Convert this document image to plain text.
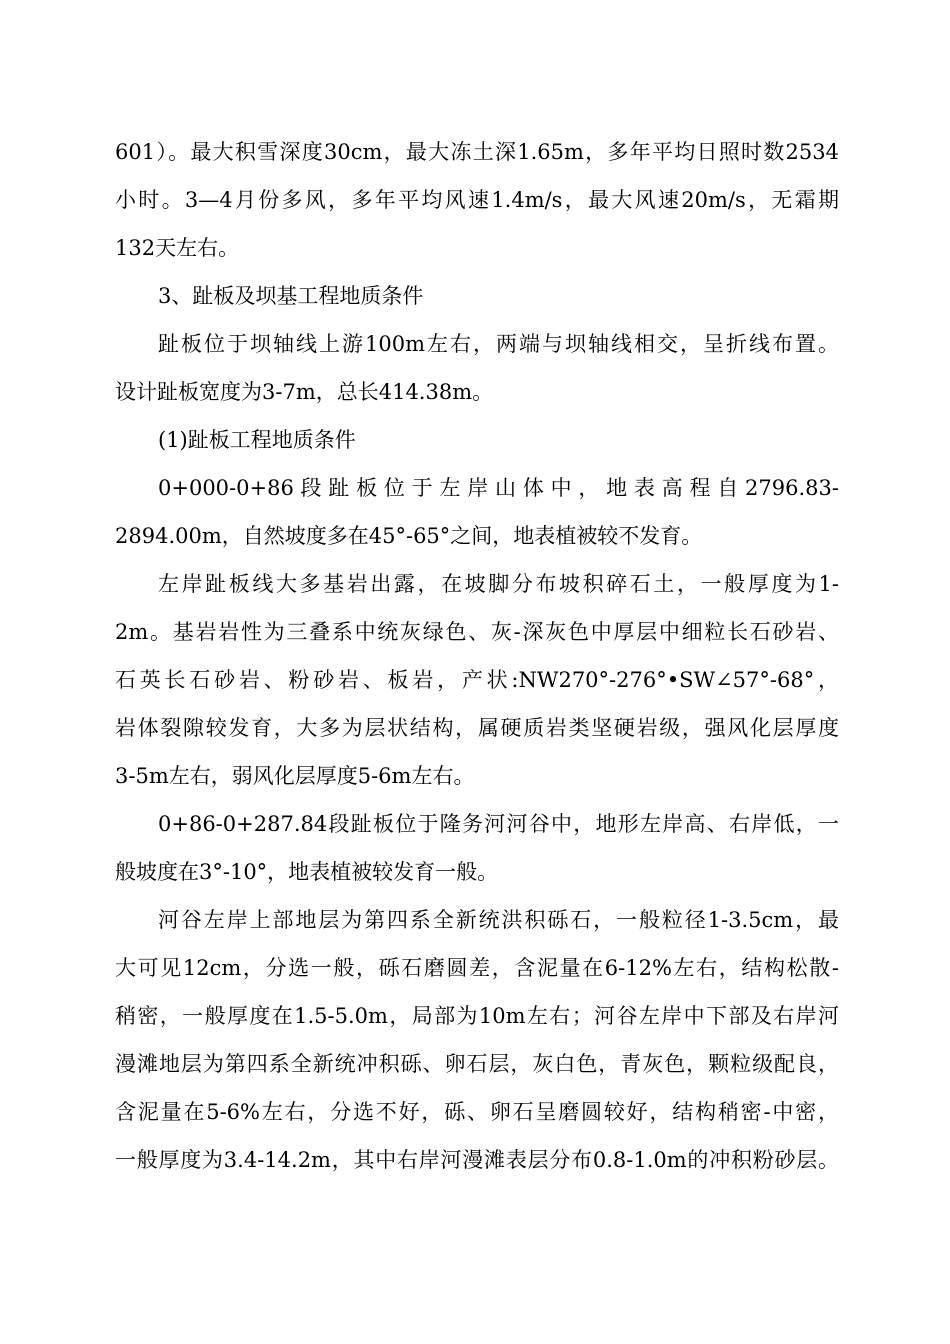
601）。最大积雪深度30cm，最大冻土深1.65m，多年平均日照时数2534
小时。3—4月份多风，多年平均风速1.4m/s，最大风速20m/s，无霜期
132天左右。
3、趾板及坝基工程地质条件
趾板位于坝轴线上游100m左右，两端与坝轴线相交，呈折线布置。
设计趾板宽度为3-7m，总长414.38m。
(1)趾板工程地质条件
0+000-0+86 段 趾 板 位 于 左 岸 山 体 中 ， 地 表 高 程 自 2796.83-
2894.00m，自然坡度多在45°-65°之间，地表植被较不发育。
左岸趾板线大多基岩出露，在坡脚分布坡积碎石土，一般厚度为1-
2m。基岩岩性为三叠系中统灰绿色、灰-深灰色中厚层中细粒长石砂岩、
石英长石砂岩、粉砂岩、板岩，产状:NW270°-276°•SW∠57°-68°，
岩体裂隙较发育，大多为层状结构，属硬质岩类坚硬岩级，强风化层厚度
3-5m左右，弱风化层厚度5-6m左右。
0+86-0+287.84段趾板位于隆务河河谷中，地形左岸高、右岸低，一
般坡度在3°-10°，地表植被较发育一般。
河谷左岸上部地层为第四系全新统洪积砾石，一般粒径1-3.5cm，最
大可见12cm，分选一般，砾石磨圆差，含泥量在6-12%左右，结构松散-
稍密，一般厚度在1.5-5.0m，局部为10m左右；河谷左岸中下部及右岸河
漫滩地层为第四系全新统冲积砾、卵石层，灰白色，青灰色，颗粒级配良，
含泥量在5-6%左右，分选不好，砾、卵石呈磨圆较好，结构稍密-中密，
一般厚度为3.4-14.2m，其中右岸河漫滩表层分布0.8-1.0m的冲积粉砂层。
